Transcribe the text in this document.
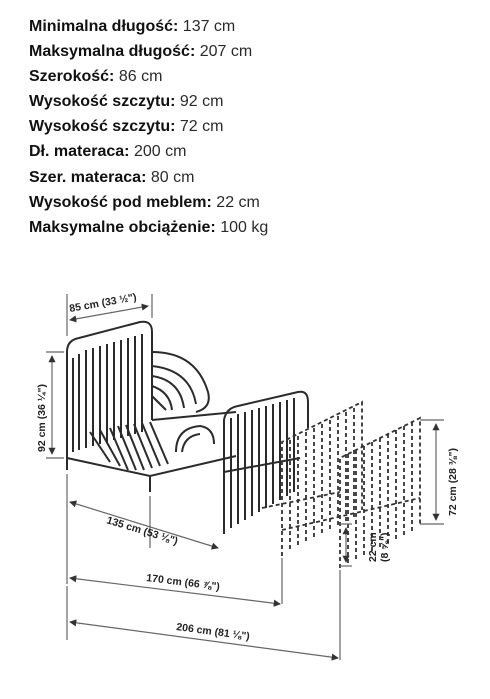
Minimalna długość: 137 cm
Maksymalna długość: 207 cm
Szerokość: 86 cm
Wysokość szczytu: 92 cm
Wysokość szczytu: 72 cm
Dł. materaca: 200 cm
Szer. materaca: 80 cm
Wysokość pod meblem: 22 cm
Maksymalne obciążenie: 100 kg
85 cm (33 ½")
92 cm (36 ¼")
72 cm (28 ⅜")
22 cm (8 ⅝")
135 cm (53 ⅛")
170 cm (66 ⅞")
206 cm (81 ⅛")
